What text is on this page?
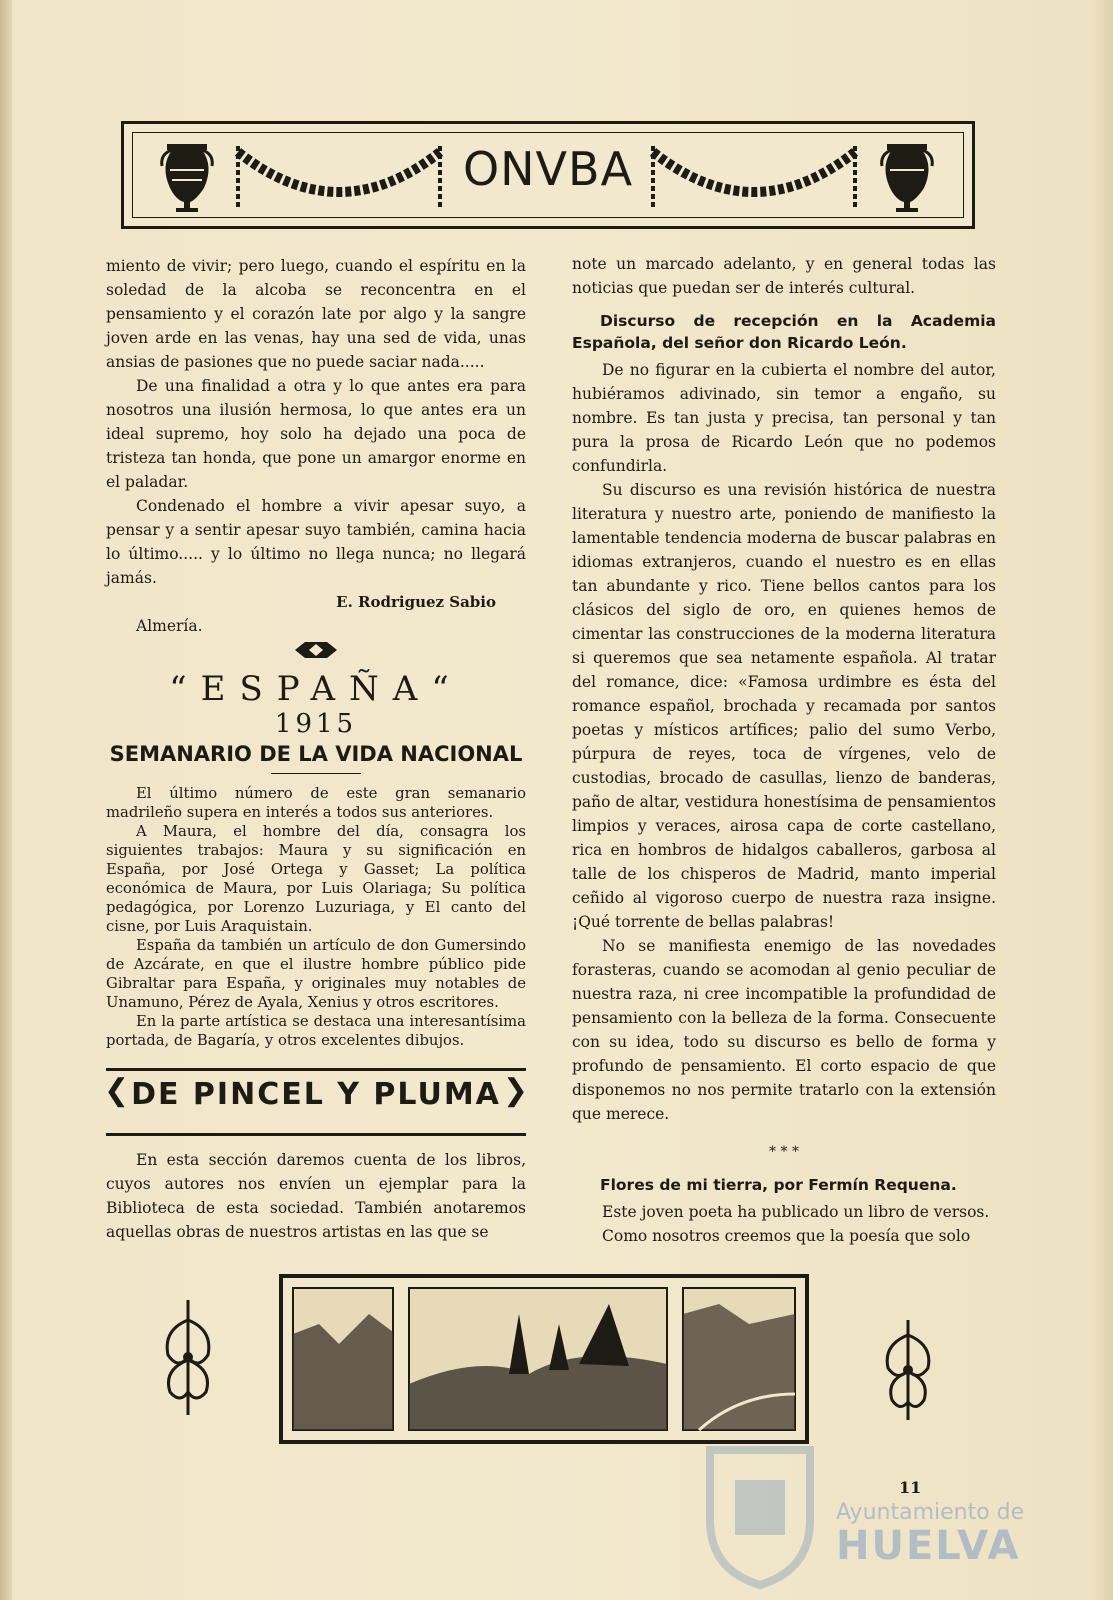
ONVBA

miento de vivir; pero luego, cuando el espíritu en la soledad de la alcoba se reconcentra en el pensamiento y el corazón late por algo y la sangre joven arde en las venas, hay una sed de vida, unas ansias de pasiones que no puede saciar nada.....

De una finalidad a otra y lo que antes era para nosotros una ilusión hermosa, lo que antes era un ideal supremo, hoy solo ha dejado una poca de tristeza tan honda, que pone un amargor enorme en el paladar.

Condenado el hombre a vivir apesar suyo, a pensar y a sentir apesar suyo también, camina hacia lo último..... y lo último no llega nunca; no llegará jamás.

E. Rodriguez Sabio
Almería.
“ESPAÑA“
1915
SEMANARIO DE LA VIDA NACIONAL

El último número de este gran semanario madrileño supera en interés a todos sus anteriores.

A Maura, el hombre del día, consagra los siguientes trabajos: Maura y su significación en España, por José Ortega y Gasset; La política económica de Maura, por Luis Olariaga; Su política pedagógica, por Lorenzo Luzuriaga, y El canto del cisne, por Luis Araquistain.

España da también un artículo de don Gumersindo de Azcárate, en que el ilustre hombre público pide Gibraltar para España, y originales muy notables de Unamuno, Pérez de Ayala, Xenius y otros escritores.

En la parte artística se destaca una interesantísima portada, de Bagaría, y otros excelentes dibujos.

❮ DE PINCEL Y PLUMA ❯

En esta sección daremos cuenta de los libros, cuyos autores nos envíen un ejemplar para la Biblioteca de esta sociedad. También anotaremos aquellas obras de nuestros artistas en las que se

note un marcado adelanto, y en general todas las noticias que puedan ser de interés cultural.

Discurso de recepción en la Academia Española, del señor don Ricardo León.

De no figurar en la cubierta el nombre del autor, hubiéramos adivinado, sin temor a engaño, su nombre. Es tan justa y precisa, tan personal y tan pura la prosa de Ricardo León que no podemos confundirla.

Su discurso es una revisión histórica de nuestra literatura y nuestro arte, poniendo de manifiesto la lamentable tendencia moderna de buscar palabras en idiomas extranjeros, cuando el nuestro es en ellas tan abundante y rico. Tiene bellos cantos para los clásicos del siglo de oro, en quienes hemos de cimentar las construcciones de la moderna literatura si queremos que sea netamente española. Al tratar del romance, dice: «Famosa urdimbre es ésta del romance español, brochada y recamada por santos poetas y místicos artífices; palio del sumo Verbo, púrpura de reyes, toca de vírgenes, velo de custodias, brocado de casullas, lienzo de banderas, paño de altar, vestidura honestísima de pensamientos limpios y veraces, airosa capa de corte castellano, rica en hombros de hidalgos caballeros, garbosa al talle de los chisperos de Madrid, manto imperial ceñido al vigoroso cuerpo de nuestra raza insigne. ¡Qué torrente de bellas palabras!

No se manifiesta enemigo de las novedades forasteras, cuando se acomodan al genio peculiar de nuestra raza, ni cree incompatible la profundidad de pensamiento con la belleza de la forma. Consecuente con su idea, todo su discurso es bello de forma y profundo de pensamiento. El corto espacio de que disponemos no nos permite tratarlo con la extensión que merece.

* * *
Flores de mi tierra, por Fermín Requena.

Este joven poeta ha publicado un libro de versos.

Como nosotros creemos que la poesía que solo

11
Ayuntamiento de
HUELVA
